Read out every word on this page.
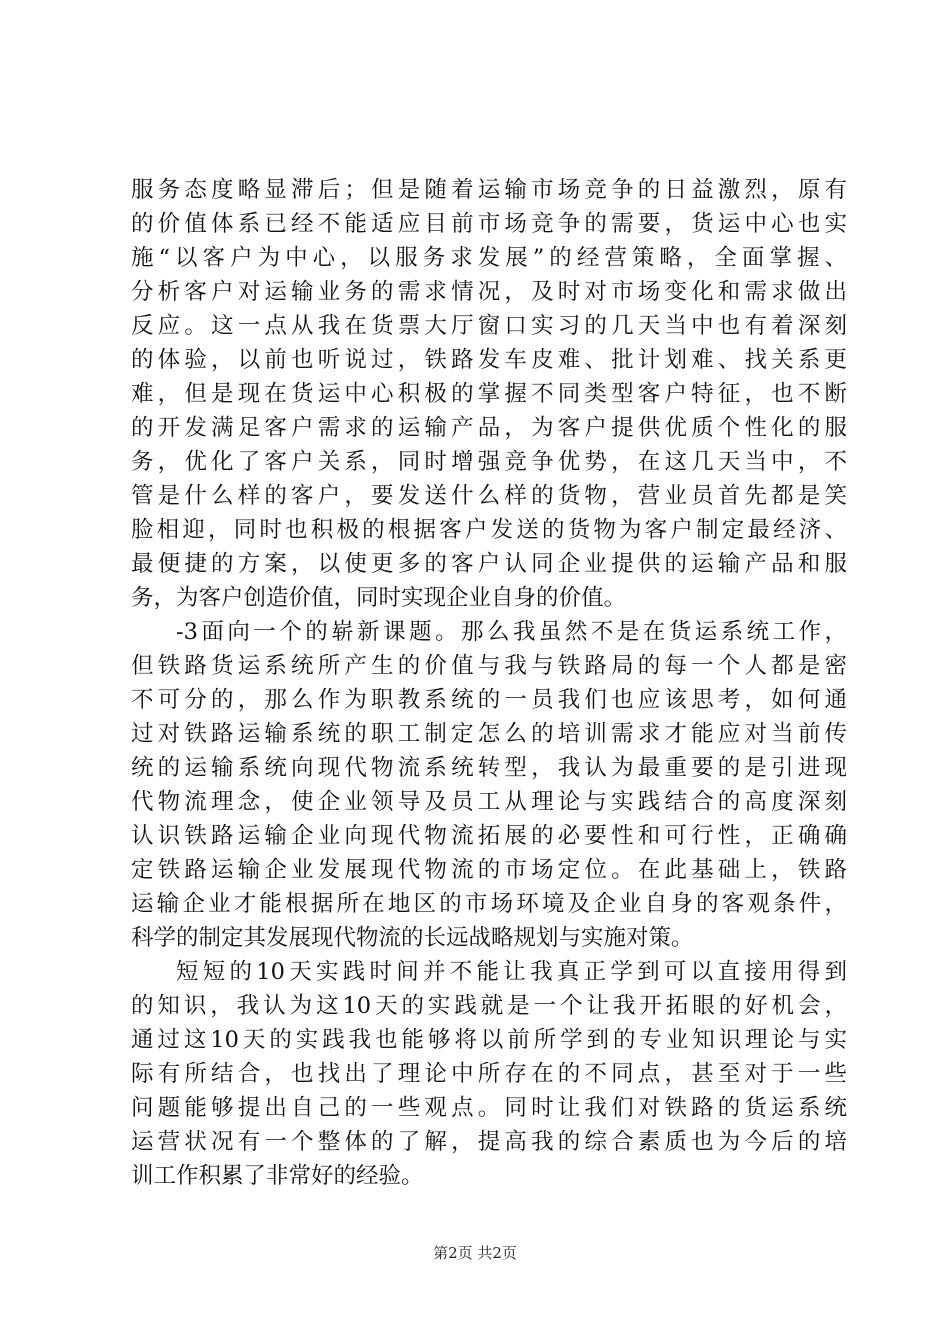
服务态度略显滞后；但是随着运输市场竞争的日益激烈，原有
的价值体系已经不能适应目前市场竞争的需要，货运中心也实
施“以客户为中心，以服务求发展”的经营策略，全面掌握、
分析客户对运输业务的需求情况，及时对市场变化和需求做出
反应。这一点从我在货票大厅窗口实习的几天当中也有着深刻
的体验，以前也听说过，铁路发车皮难、批计划难、找关系更
难，但是现在货运中心积极的掌握不同类型客户特征，也不断
的开发满足客户需求的运输产品，为客户提供优质个性化的服
务，优化了客户关系，同时增强竞争优势，在这几天当中，不
管是什么样的客户，要发送什么样的货物，营业员首先都是笑
脸相迎，同时也积极的根据客户发送的货物为客户制定最经济、
最便捷的方案，以使更多的客户认同企业提供的运输产品和服
务，为客户创造价值，同时实现企业自身的价值。
-3面向一个的崭新课题。那么我虽然不是在货运系统工作，
但铁路货运系统所产生的价值与我与铁路局的每一个人都是密
不可分的，那么作为职教系统的一员我们也应该思考，如何通
过对铁路运输系统的职工制定怎么的培训需求才能应对当前传
统的运输系统向现代物流系统转型，我认为最重要的是引进现
代物流理念，使企业领导及员工从理论与实践结合的高度深刻
认识铁路运输企业向现代物流拓展的必要性和可行性，正确确
定铁路运输企业发展现代物流的市场定位。在此基础上，铁路
运输企业才能根据所在地区的市场环境及企业自身的客观条件，
科学的制定其发展现代物流的长远战略规划与实施对策。
短短的10天实践时间并不能让我真正学到可以直接用得到
的知识，我认为这10天的实践就是一个让我开拓眼的好机会，
通过这10天的实践我也能够将以前所学到的专业知识理论与实
际有所结合，也找出了理论中所存在的不同点，甚至对于一些
问题能够提出自己的一些观点。同时让我们对铁路的货运系统
运营状况有一个整体的了解，提高我的综合素质也为今后的培
训工作积累了非常好的经验。
第2页 共2页
